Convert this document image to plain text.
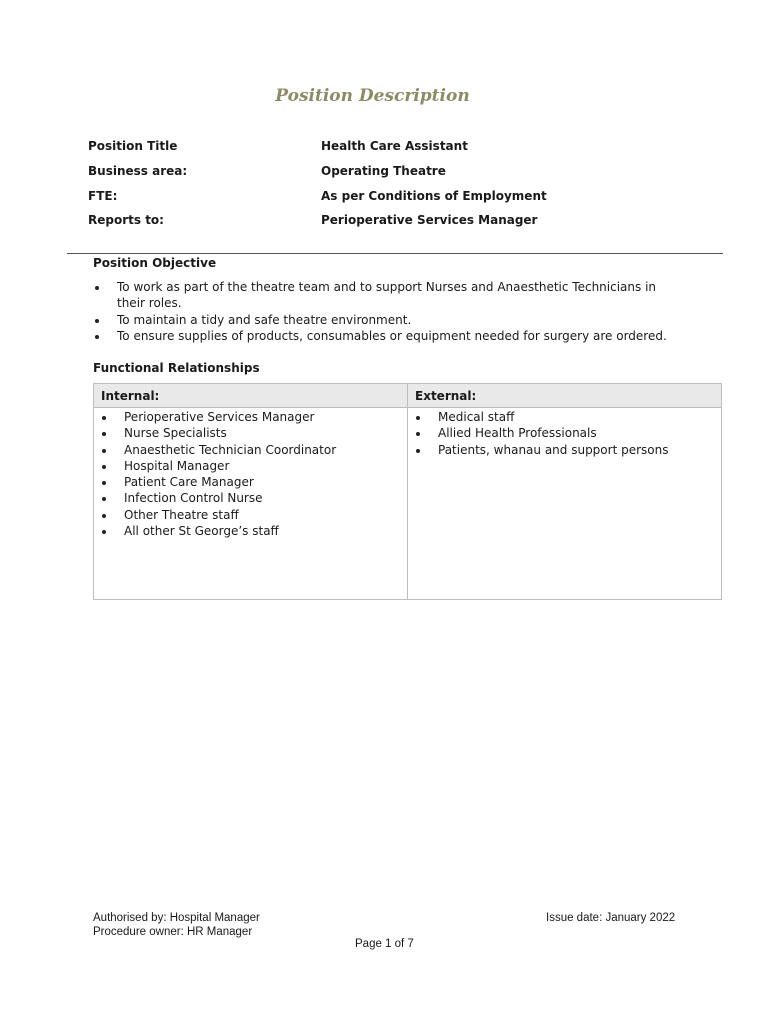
Position Description
Position Title	Health Care Assistant
Business area:	Operating Theatre
FTE:	As per Conditions of Employment
Reports to:	Perioperative Services Manager
Position Objective
To work as part of the theatre team and to support Nurses and Anaesthetic Technicians in their roles.
To maintain a tidy and safe theatre environment.
To ensure supplies of products, consumables or equipment needed for surgery are ordered.
Functional Relationships
Internal:
Perioperative Services Manager
Nurse Specialists
Anaesthetic Technician Coordinator
Hospital Manager
Patient Care Manager
Infection Control Nurse
Other Theatre staff
All other St George’s staff
External:
Medical staff
Allied Health Professionals
Patients, whanau and support persons
Authorised by: Hospital Manager
Procedure owner: HR Manager
Issue date: January 2022
Page 1 of 7
